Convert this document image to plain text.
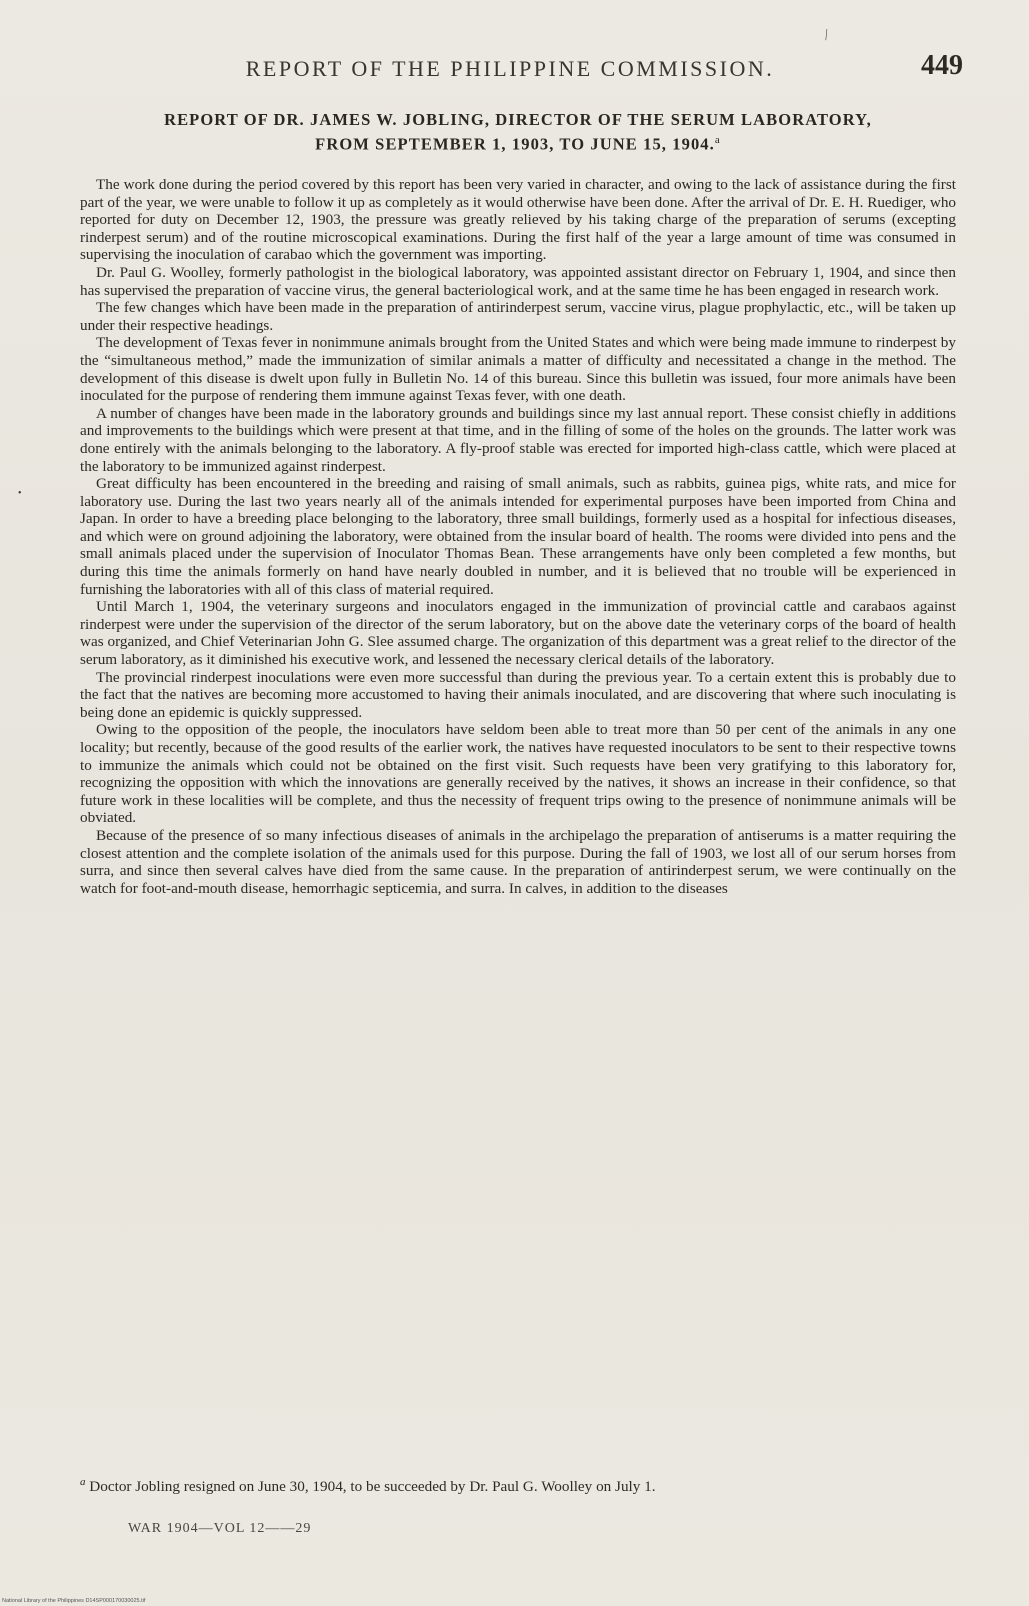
REPORT OF THE PHILIPPINE COMMISSION.	449
⁄
•
REPORT OF DR. JAMES W. JOBLING, DIRECTOR OF THE SERUM LABORATORY,
FROM SEPTEMBER 1, 1903, TO JUNE 15, 1904.$^a$

The work done during the period covered by this report has been very varied in character, and owing to the lack of assistance during the first part of the year, we were unable to follow it up as completely as it would otherwise have been done. After the arrival of Dr. E. H. Ruediger, who reported for duty on December 12, 1903, the pressure was greatly relieved by his taking charge of the preparation of serums (excepting rinderpest serum) and of the routine microscopical examinations. During the first half of the year a large amount of time was consumed in supervising the inoculation of carabao which the government was importing.

Dr. Paul G. Woolley, formerly pathologist in the biological laboratory, was appointed assistant director on February 1, 1904, and since then has supervised the preparation of vaccine virus, the general bacteriological work, and at the same time he has been engaged in research work.

The few changes which have been made in the preparation of antirinderpest serum, vaccine virus, plague prophylactic, etc., will be taken up under their respective headings.

The development of Texas fever in nonimmune animals brought from the United States and which were being made immune to rinderpest by the “simultaneous method,” made the immunization of similar animals a matter of difficulty and necessitated a change in the method. The development of this disease is dwelt upon fully in Bulletin No. 14 of this bureau. Since this bulletin was issued, four more animals have been inoculated for the purpose of rendering them immune against Texas fever, with one death.

A number of changes have been made in the laboratory grounds and buildings since my last annual report. These consist chiefly in additions and improvements to the buildings which were present at that time, and in the filling of some of the holes on the grounds. The latter work was done entirely with the animals belonging to the laboratory. A fly-proof stable was erected for imported high-class cattle, which were placed at the laboratory to be immunized against rinderpest.

Great difficulty has been encountered in the breeding and raising of small animals, such as rabbits, guinea pigs, white rats, and mice for laboratory use. During the last two years nearly all of the animals intended for experimental purposes have been imported from China and Japan. In order to have a breeding place belonging to the laboratory, three small buildings, formerly used as a hospital for infectious diseases, and which were on ground adjoining the laboratory, were obtained from the insular board of health. The rooms were divided into pens and the small animals placed under the supervision of Inoculator Thomas Bean. These arrangements have only been completed a few months, but during this time the animals formerly on hand have nearly doubled in number, and it is believed that no trouble will be experienced in furnishing the laboratories with all of this class of material required.

Until March 1, 1904, the veterinary surgeons and inoculators engaged in the immunization of provincial cattle and carabaos against rinderpest were under the supervision of the director of the serum laboratory, but on the above date the veterinary corps of the board of health was organized, and Chief Veterinarian John G. Slee assumed charge. The organization of this department was a great relief to the director of the serum laboratory, as it diminished his executive work, and lessened the necessary clerical details of the laboratory.

The provincial rinderpest inoculations were even more successful than during the previous year. To a certain extent this is probably due to the fact that the natives are becoming more accustomed to having their animals inoculated, and are discovering that where such inoculating is being done an epidemic is quickly suppressed.

Owing to the opposition of the people, the inoculators have seldom been able to treat more than 50 per cent of the animals in any one locality; but recently, because of the good results of the earlier work, the natives have requested inoculators to be sent to their respective towns to immunize the animals which could not be obtained on the first visit. Such requests have been very gratifying to this laboratory for, recognizing the opposition with which the innovations are generally received by the natives, it shows an increase in their confidence, so that future work in these localities will be complete, and thus the necessity of frequent trips owing to the presence of nonimmune animals will be obviated.

Because of the presence of so many infectious diseases of animals in the archipelago the preparation of antiserums is a matter requiring the closest attention and the complete isolation of the animals used for this purpose. During the fall of 1903, we lost all of our serum horses from surra, and since then several calves have died from the same cause. In the preparation of antirinderpest serum, we were continually on the watch for foot-and-mouth disease, hemorrhagic septicemia, and surra. In calves, in addition to the diseases

$^a$ Doctor Jobling resigned on June 30, 1904, to be succeeded by Dr. Paul G. Woolley on July 1.
WAR 1904—VOL 12——29
National Library of the Philippines D14SP000170030025.tif
